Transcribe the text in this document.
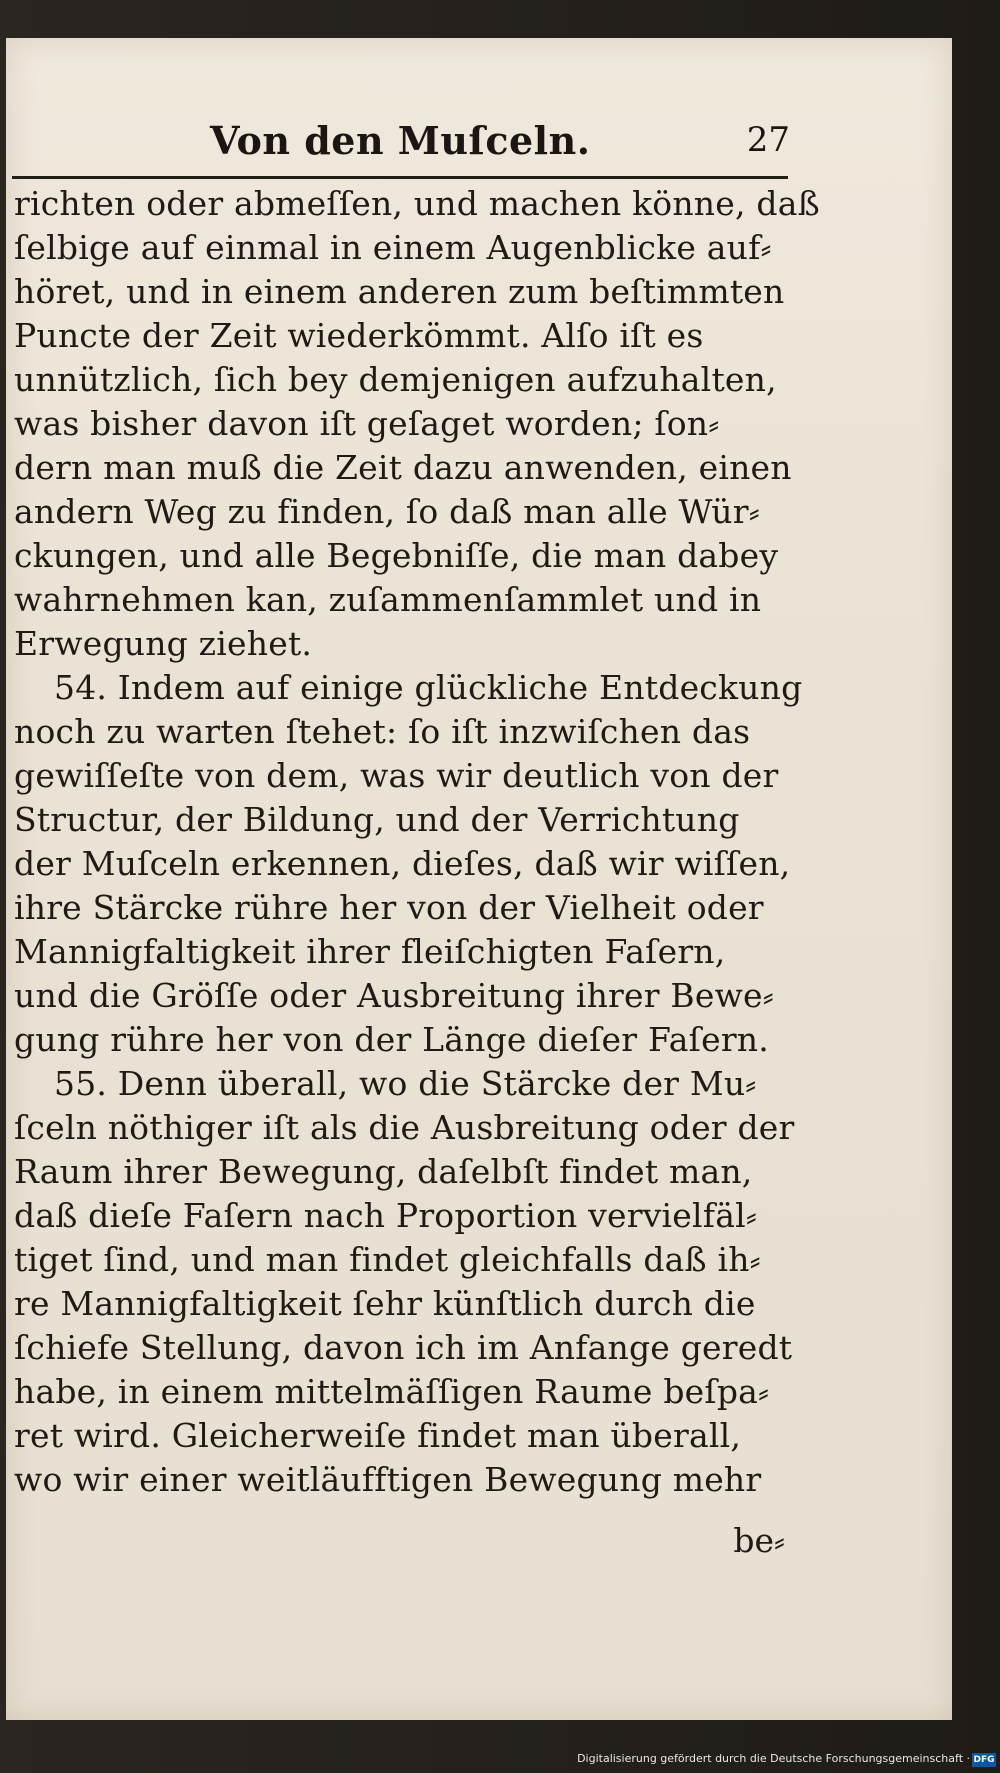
Von den Muſceln.	27
richten oder abmeſſen, und machen könne, daß
ſelbige auf einmal in einem Augenblicke auf⸗
höret, und in einem anderen zum beſtimmten
Puncte der Zeit wiederkömmt. Alſo iſt es
unnützlich, ſich bey demjenigen aufzuhalten,
was bisher davon iſt geſaget worden; ſon⸗
dern man muß die Zeit dazu anwenden, einen
andern Weg zu finden, ſo daß man alle Wür⸗
ckungen, und alle Begebniſſe, die man dabey
wahrnehmen kan, zuſammenſammlet und in
Erwegung ziehet.
54. Indem auf einige glückliche Entdeckung
noch zu warten ſtehet: ſo iſt inzwiſchen das
gewiſſeſte von dem, was wir deutlich von der
Structur, der Bildung, und der Verrichtung
der Muſceln erkennen, dieſes, daß wir wiſſen,
ihre Stärcke rühre her von der Vielheit oder
Mannigfaltigkeit ihrer fleiſchigten Faſern,
und die Gröſſe oder Ausbreitung ihrer Bewe⸗
gung rühre her von der Länge dieſer Faſern.
55. Denn überall, wo die Stärcke der Mu⸗
ſceln nöthiger iſt als die Ausbreitung oder der
Raum ihrer Bewegung, daſelbſt findet man,
daß dieſe Faſern nach Proportion vervielfäl⸗
tiget ſind, und man findet gleichfalls daß ih⸗
re Mannigfaltigkeit ſehr künſtlich durch die
ſchiefe Stellung, davon ich im Anfange geredt
habe, in einem mittelmäſſigen Raume beſpa⸗
ret wird. Gleicherweiſe findet man überall,
wo wir einer weitläufftigen Bewegung mehr
be⸗
Digitalisierung gefördert durch die Deutsche Forschungsgemeinschaft · DFG
